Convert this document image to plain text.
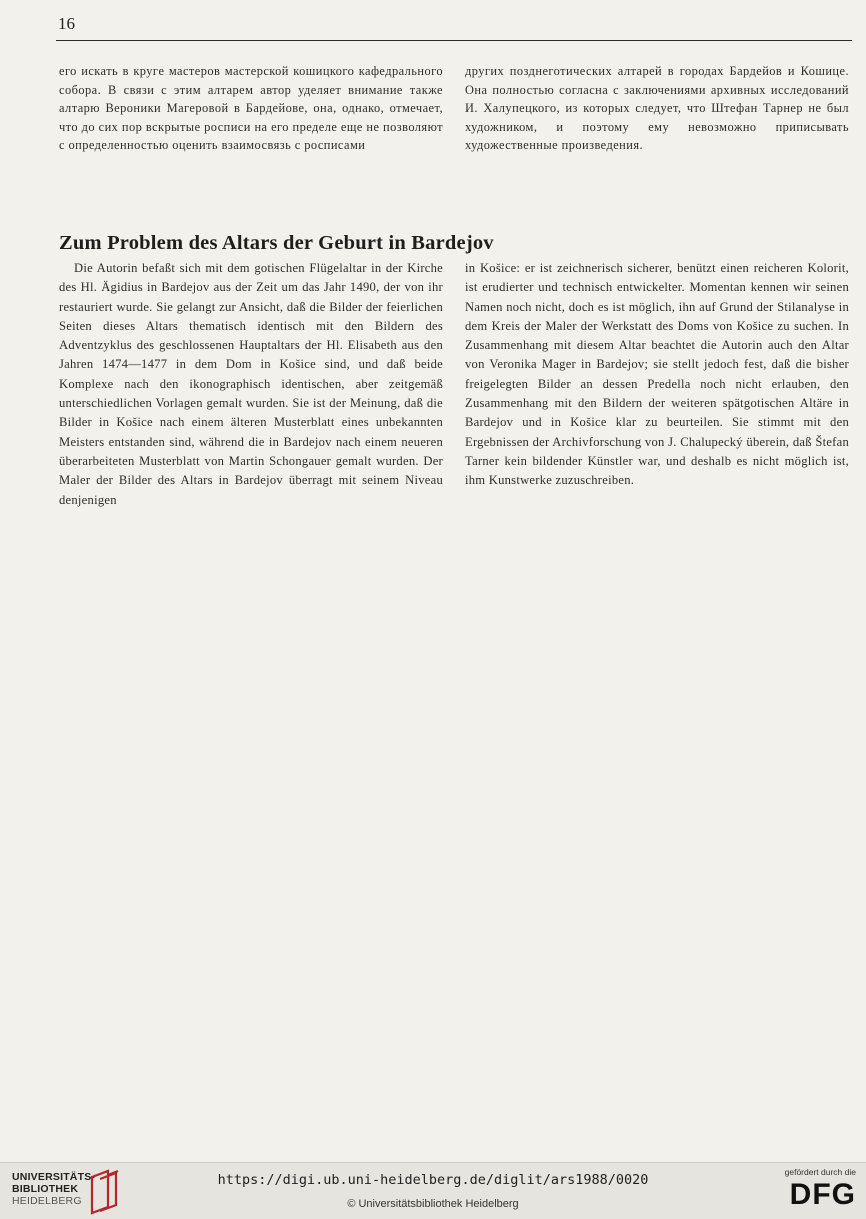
16

его искать в кругe мастеров мастерской кошицкого кафедрального собора. В связи с этим алтарем автор уделяет внимание также алтарю Вероники Магеровой в Бардейове, она, однако, отмечает, что до сих пор вскрытые росписи на его пределе еще не позволяют с определенностью оценить взаимосвязь с росписами

других позднеготических алтарей в городах Бардейов и Кошице. Она полностью согласна с заключениями архивных исследований И. Халупецкого, из которых следует, что Штефан Тарнер не был художником, и поэтому ему невозможно приписывать художественные произведения.

Zum Problem des Altars der Geburt in Bardejov

Die Autorin befaßt sich mit dem gotischen Flügelaltar in der Kirche des Hl. Ägidius in Bardejov aus der Zeit um das Jahr 1490, der von ihr restauriert wurde. Sie gelangt zur Ansicht, daß die Bilder der feierlichen Seiten dieses Altars thematisch identisch mit den Bildern des Adventzyklus des geschlossenen Hauptaltars der Hl. Elisabeth aus den Jahren 1474—1477 in dem Dom in Košice sind, und daß beide Komplexe nach den ikonographisch identischen, aber zeitgemäß unterschiedlichen Vorlagen gemalt wurden. Sie ist der Meinung, daß die Bilder in Košice nach einem älteren Musterblatt eines unbekannten Meisters entstanden sind, während die in Bardejov nach einem neueren überarbeiteten Musterblatt von Martin Schongauer gemalt wurden. Der Maler der Bilder des Altars in Bardejov überragt mit seinem Niveau denjenigen

in Košice: er ist zeichnerisch sicherer, benützt einen reicheren Kolorit, ist erudierter und technisch entwickelter. Momentan kennen wir seinen Namen noch nicht, doch es ist möglich, ihn auf Grund der Stilanalyse in dem Kreis der Maler der Werkstatt des Doms von Košice zu suchen. In Zusammenhang mit diesem Altar beachtet die Autorin auch den Altar von Veronika Mager in Bardejov; sie stellt jedoch fest, daß die bisher freigelegten Bilder an dessen Predella noch nicht erlauben, den Zusammenhang mit den Bildern der weiteren spätgotischen Altäre in Bardejov und in Košice klar zu beurteilen. Sie stimmt mit den Ergebnissen der Archivforschung von J. Chalupecký überein, daß Štefan Tarner kein bildender Künstler war, und deshalb es nicht möglich ist, ihm Kunstwerke zuzuschreiben.

UNIVERSITÄTS-
BIBLIOTHEK
HEIDELBERG
https://digi.ub.uni-heidelberg.de/diglit/ars1988/0020
© Universitätsbibliothek Heidelberg
gefördert durch die
DFG
